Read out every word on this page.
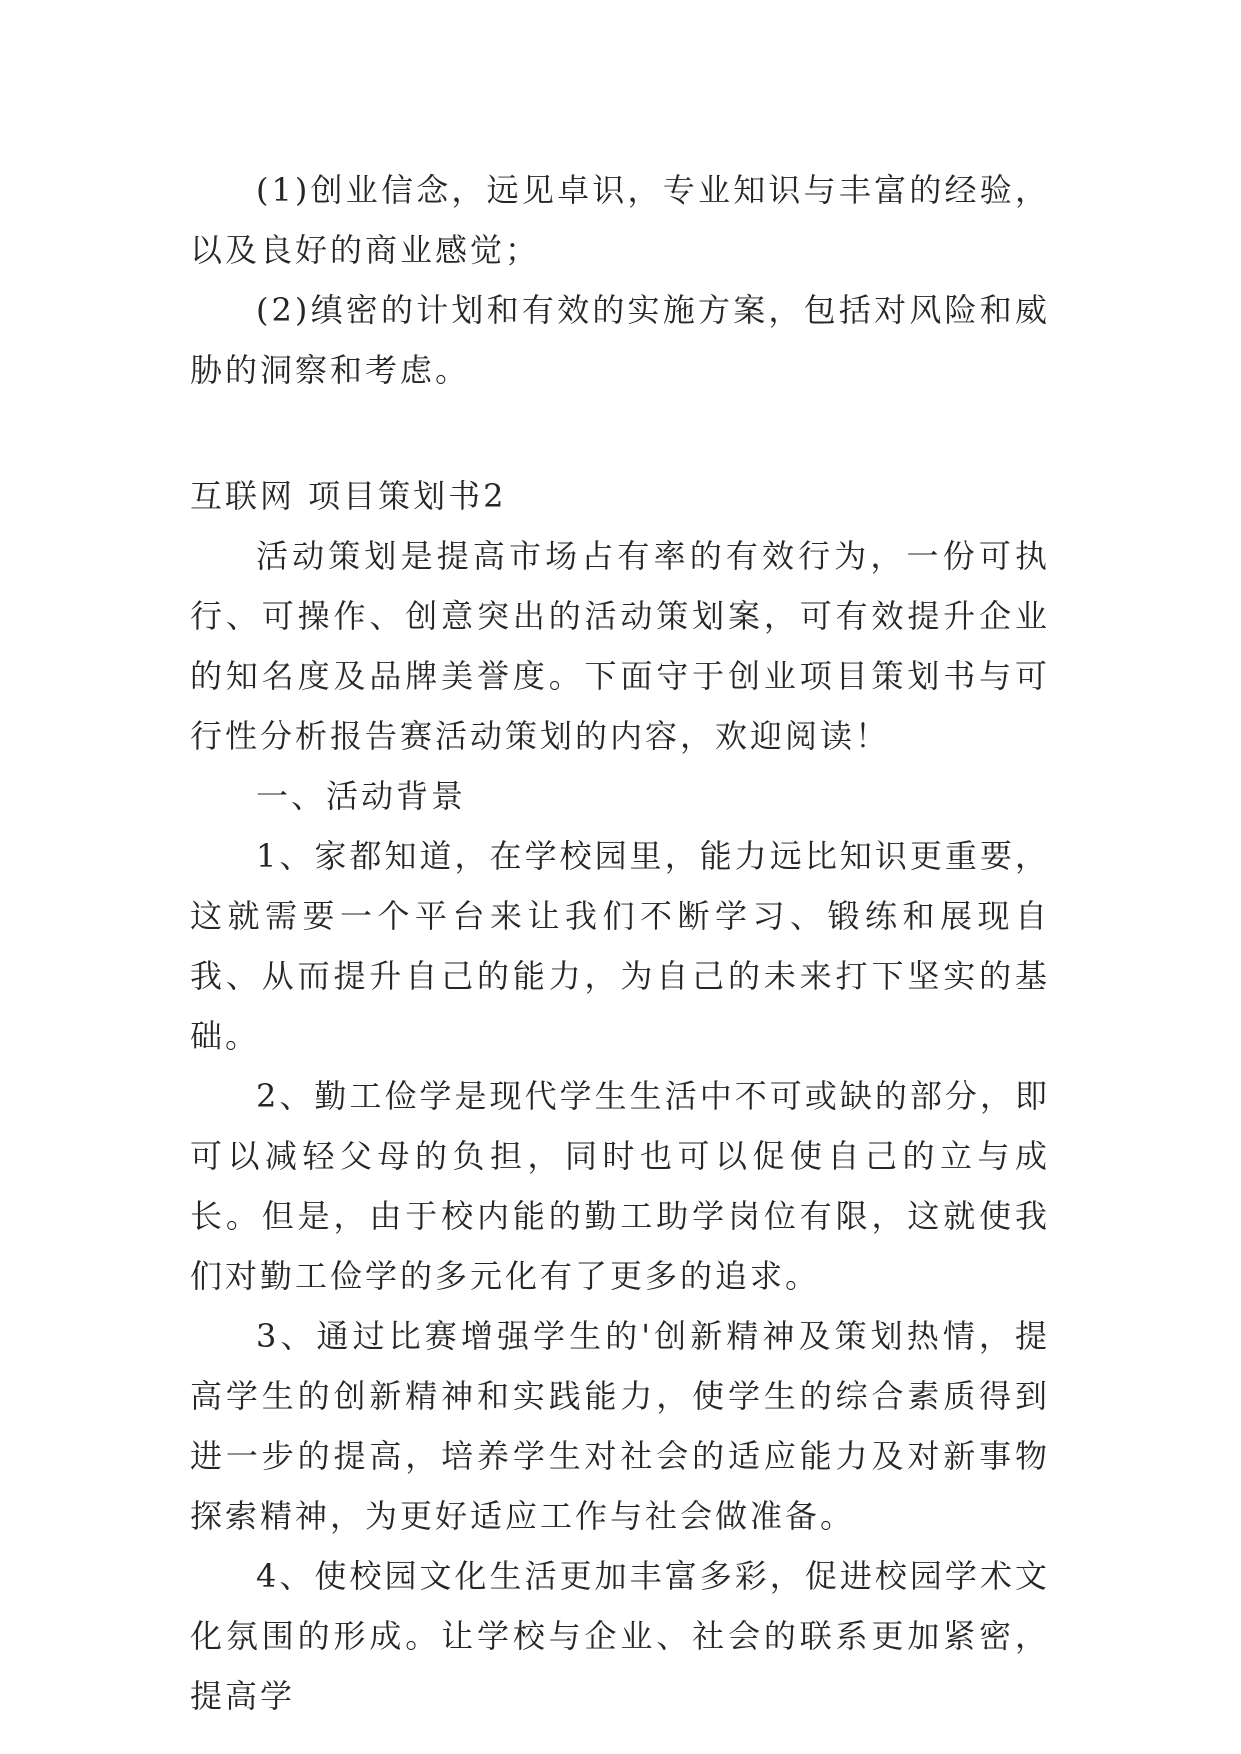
(1)创业信念，远见卓识，专业知识与丰富的经验，以及良好的商业感觉；

(2)缜密的计划和有效的实施方案，包括对风险和威胁的洞察和考虑。

互联网 项目策划书2

活动策划是提高市场占有率的有效行为，一份可执行、可操作、创意突出的活动策划案，可有效提升企业的知名度及品牌美誉度。下面守于创业项目策划书与可行性分析报告赛活动策划的内容，欢迎阅读！

一、活动背景

1、家都知道，在学校园里，能力远比知识更重要，这就需要一个平台来让我们不断学习、锻练和展现自我、从而提升自己的能力，为自己的未来打下坚实的基础。

2、勤工俭学是现代学生生活中不可或缺的部分，即可以减轻父母的负担，同时也可以促使自己的立与成长。但是，由于校内能的勤工助学岗位有限，这就使我们对勤工俭学的多元化有了更多的追求。

3、通过比赛增强学生的'创新精神及策划热情，提高学生的创新精神和实践能力，使学生的综合素质得到进一步的提高，培养学生对社会的适应能力及对新事物探索精神，为更好适应工作与社会做准备。

4、使校园文化生活更加丰富多彩，促进校园学术文化氛围的形成。让学校与企业、社会的联系更加紧密，提高学
